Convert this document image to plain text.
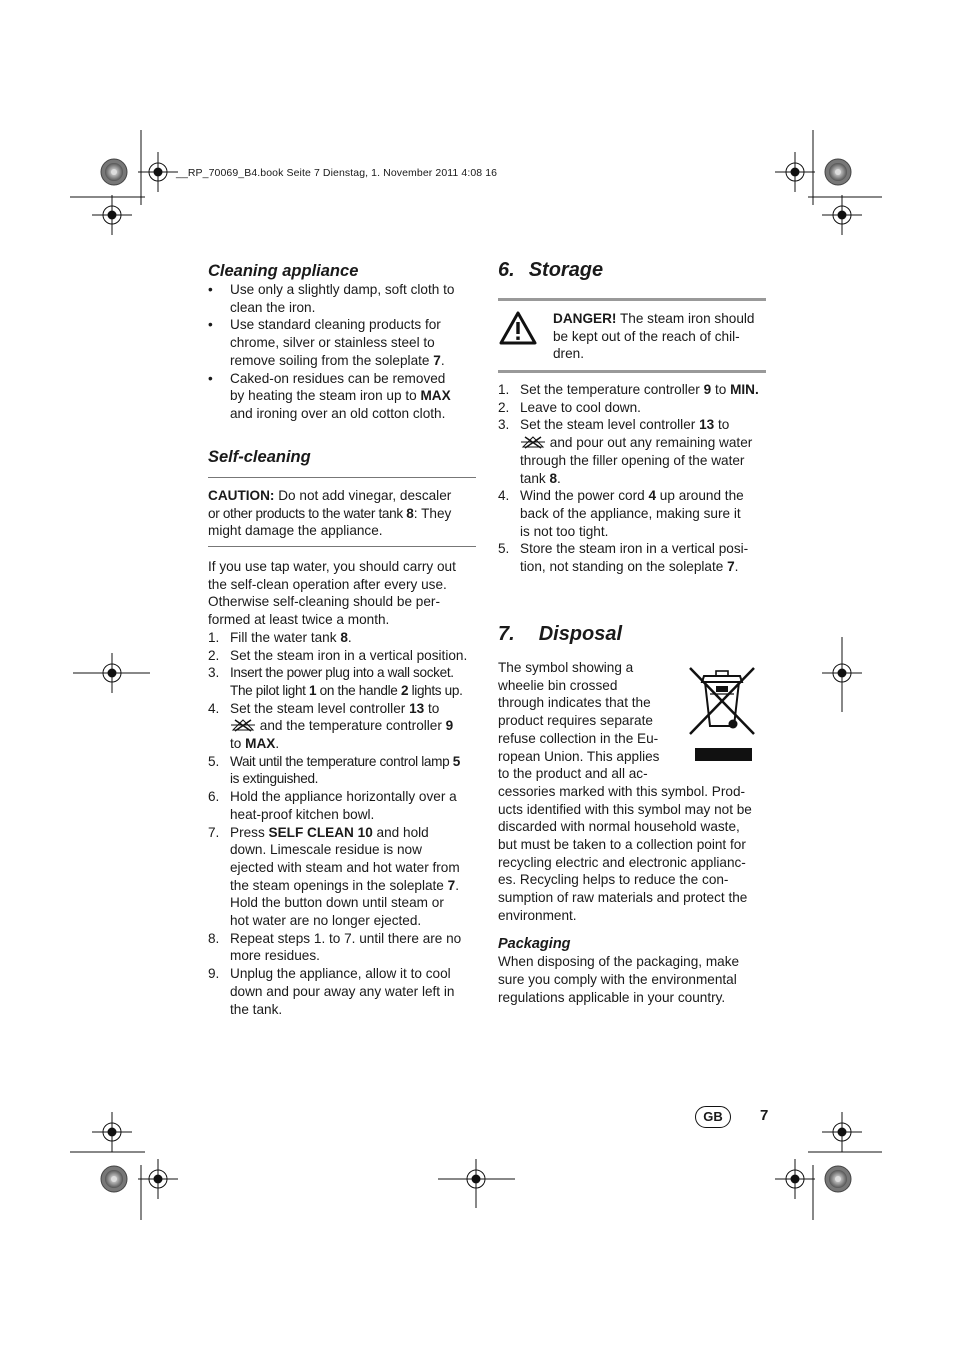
__RP_70069_B4.book Seite 7 Dienstag, 1. November 2011 4:08 16

Cleaning appliance

•	Use only a slightly damp, soft cloth to
clean the iron.
•	Use standard cleaning products for
chrome, silver or stainless steel to
remove soiling from the soleplate 7.
•	Caked-on residues can be removed
by heating the steam iron up to MAX
and ironing over an old cotton cloth.

Self-cleaning

CAUTION: Do not add vinegar, descaler
or other products to the water tank 8: They
might damage the appliance.

If you use tap water, you should carry out
the self-clean operation after every use.
Otherwise self-cleaning should be per-
formed at least twice a month.

1. Fill the water tank 8.
2. Set the steam iron in a vertical position.
3. Insert the power plug into a wall socket.
The pilot light 1 on the handle 2 lights up.
4. Set the steam level controller 13 to
and the temperature controller 9
to MAX.
5. Wait until the temperature control lamp 5
is extinguished.
6. Hold the appliance horizontally over a
heat-proof kitchen bowl.
7. Press SELF CLEAN 10 and hold
down. Limescale residue is now
ejected with steam and hot water from
the steam openings in the soleplate 7.
Hold the button down until steam or
hot water are no longer ejected.
8. Repeat steps 1. to 7. until there are no
more residues.
9. Unplug the appliance, allow it to cool
down and pour away any water left in
the tank.
6. Storage

DANGER! The steam iron should
be kept out of the reach of chil-
dren.

1. Set the temperature controller 9 to MIN.
2. Leave to cool down.
3. Set the steam level controller 13 to
and pour out any remaining water
through the filler opening of the water
tank 8.
4. Wind the power cord 4 up around the
back of the appliance, making sure it
is not too tight.
5. Store the steam iron in a vertical posi-
tion, not standing on the soleplate 7.
7. Disposal

The symbol showing a
wheelie bin crossed
through indicates that the
product requires separate
refuse collection in the Eu-
ropean Union. This applies
to the product and all ac-
cessories marked with this symbol. Prod-
ucts identified with this symbol may not be
discarded with normal household waste,
but must be taken to a collection point for
recycling electric and electronic applianc-
es. Recycling helps to reduce the con-
sumption of raw materials and protect the
environment.

Packaging

When disposing of the packaging, make
sure you comply with the environmental
regulations applicable in your country.

GB	7
